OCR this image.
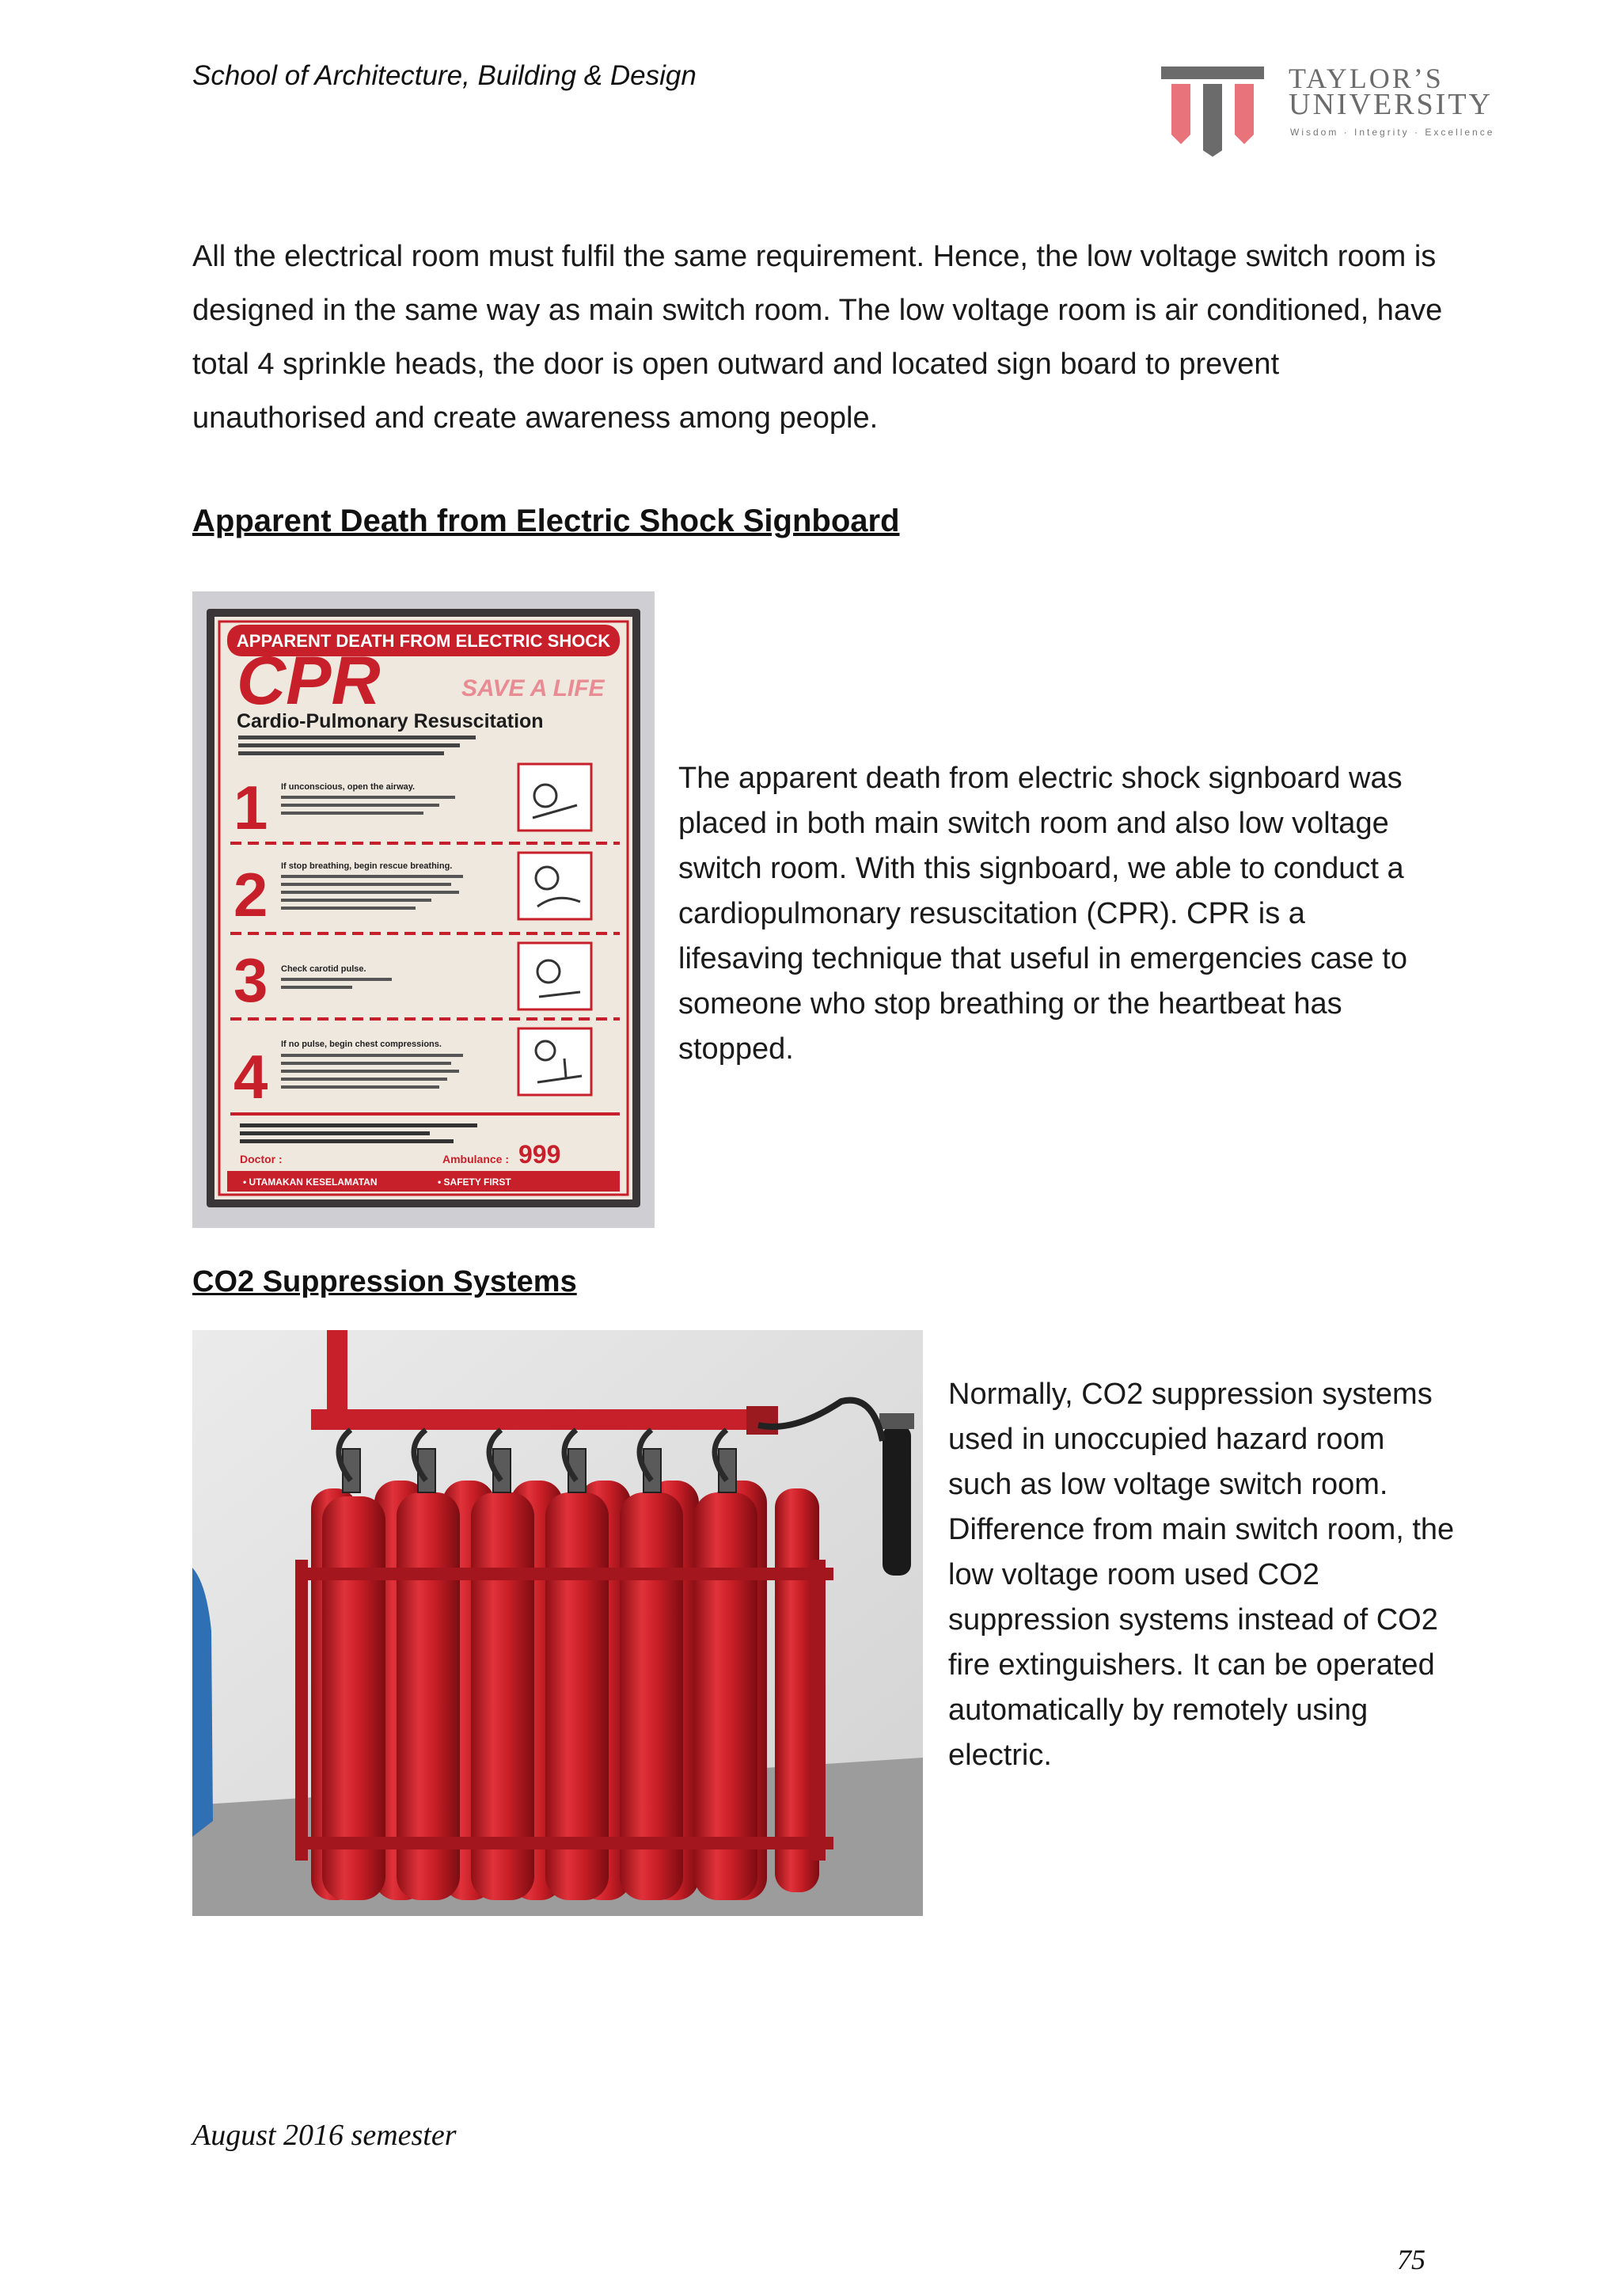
School of Architecture, Building & Design	TAYLOR’S
UNIVERSITY
Wisdom · Integrity · Excellence
All the electrical room must fulfil the same requirement. Hence, the low voltage switch room is designed in the same way as main switch room. The low voltage room is air conditioned, have total 4 sprinkle heads, the door is open outward and located sign board to prevent unauthorised and create awareness among people.
Apparent Death from Electric Shock Signboard
APPARENT DEATH FROM ELECTRIC SHOCK
CPR	SAVE A LIFE
Cardio-Pulmonary Resuscitation
1 If unconscious, open the airway.
2 If stop breathing, begin rescue breathing.
3 Check carotid pulse.
4 If no pulse, begin chest compressions.
Doctor :	Ambulance : 999
• UTAMAKAN KESELAMATAN	• SAFETY FIRST
The apparent death from electric shock signboard was placed in both main switch room and also low voltage switch room. With this signboard, we able to conduct a cardiopulmonary resuscitation (CPR). CPR is a lifesaving technique that useful in emergencies case to someone who stop breathing or the heartbeat has stopped.
CO2 Suppression Systems
Normally, CO2 suppression systems used in unoccupied hazard room such as low voltage switch room. Difference from main switch room, the low voltage room used CO2 suppression systems instead of CO2 fire extinguishers. It can be operated automatically by remotely using electric.
August 2016 semester
75
